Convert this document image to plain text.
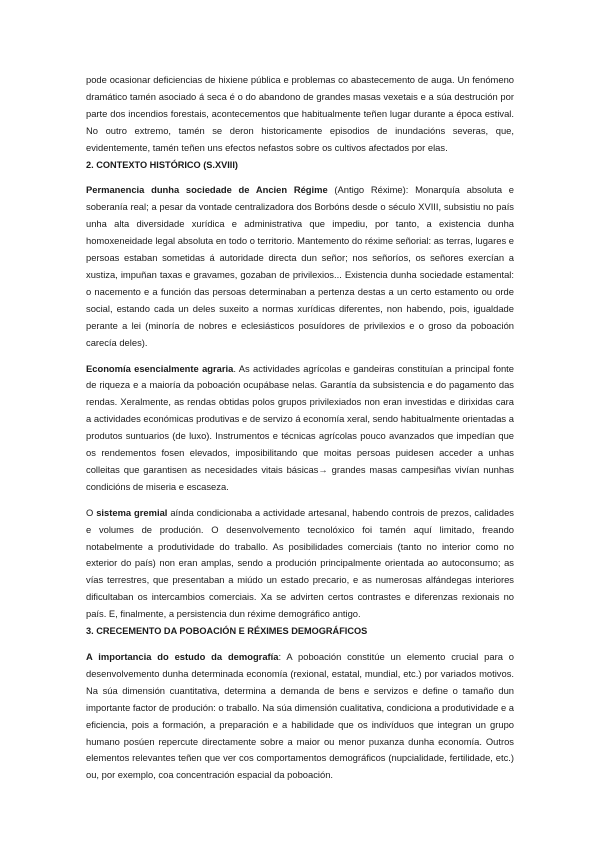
pode ocasionar deficiencias de hixiene pública e problemas co abastecemento de auga. Un fenómeno dramático tamén asociado á seca é o do abandono de grandes masas vexetais e a súa destrución por parte dos incendios forestais, acontecementos que habitualmente teñen lugar durante a época estival. No outro extremo, tamén se deron historicamente episodios de inundacións severas, que, evidentemente, tamén teñen uns efectos nefastos sobre os cultivos afectados por elas.

2. CONTEXTO HISTÓRICO (S.XVIII)

Permanencia dunha sociedade de Ancien Régime (Antigo Réxime): Monarquía absoluta e soberanía real; a pesar da vontade centralizadora dos Borbóns desde o século XVIII, subsistiu no país unha alta diversidade xurídica e administrativa que impediu, por tanto, a existencia dunha homoxeneidade legal absoluta en todo o territorio. Mantemento do réxime señorial: as terras, lugares e persoas estaban sometidas á autoridade directa dun señor; nos señoríos, os señores exercían a xustiza, impuñan taxas e gravames, gozaban de privilexios... Existencia dunha sociedade estamental: o nacemento e a función das persoas determinaban a pertenza destas a un certo estamento ou orde social, estando cada un deles suxeito a normas xurídicas diferentes, non habendo, pois, igualdade perante a lei (minoría de nobres e eclesiásticos posuídores de privilexios e o groso da poboación carecía deles).

Economía esencialmente agraria. As actividades agrícolas e gandeiras constituían a principal fonte de riqueza e a maioría da poboación ocupábase nelas. Garantía da subsistencia e do pagamento das rendas. Xeralmente, as rendas obtidas polos grupos privilexiados non eran investidas e dirixidas cara a actividades económicas produtivas e de servizo á economía xeral, sendo habitualmente orientadas a produtos suntuarios (de luxo). Instrumentos e técnicas agrícolas pouco avanzados que impedían que os rendementos fosen elevados, imposibilitando que moitas persoas puidesen acceder a unhas colleitas que garantisen as necesidades vitais básicas→ grandes masas campesiñas vivían nunhas condicións de miseria e escaseza.

O sistema gremial aínda condicionaba a actividade artesanal, habendo controis de prezos, calidades e volumes de produción. O desenvolvemento tecnolóxico foi tamén aquí limitado, freando notabelmente a produtividade do traballo. As posibilidades comerciais (tanto no interior como no exterior do país) non eran amplas, sendo a produción principalmente orientada ao autoconsumo; as vías terrestres, que presentaban a miúdo un estado precario, e as numerosas alfándegas interiores dificultaban os intercambios comerciais. Xa se advirten certos contrastes e diferenzas rexionais no país. E, finalmente, a persistencia dun réxime demográfico antigo.

3. CRECEMENTO DA POBOACIÓN E RÉXIMES DEMOGRÁFICOS

A importancia do estudo da demografía: A poboación constitúe un elemento crucial para o desenvolvemento dunha determinada economía (rexional, estatal, mundial, etc.) por variados motivos. Na súa dimensión cuantitativa, determina a demanda de bens e servizos e define o tamaño dun importante factor de produción: o traballo. Na súa dimensión cualitativa, condiciona a produtividade e a eficiencia, pois a formación, a preparación e a habilidade que os indivíduos que integran un grupo humano posúen repercute directamente sobre a maior ou menor puxanza dunha economía. Outros elementos relevantes teñen que ver cos comportamentos demográficos (nupcialidade, fertilidade, etc.) ou, por exemplo, coa concentración espacial da poboación.
